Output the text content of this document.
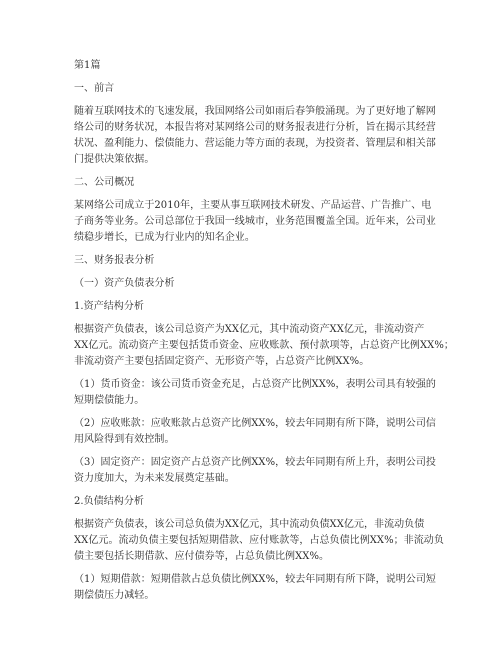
第1篇
一、前言
随着互联网技术的飞速发展，我国网络公司如雨后春笋般涌现。为了更好地了解网
络公司的财务状况，本报告将对某网络公司的财务报表进行分析，旨在揭示其经营
状况、盈利能力、偿债能力、营运能力等方面的表现，为投资者、管理层和相关部
门提供决策依据。
二、公司概况
某网络公司成立于2010年，主要从事互联网技术研发、产品运营、广告推广、电
子商务等业务。公司总部位于我国一线城市，业务范围覆盖全国。近年来，公司业
绩稳步增长，已成为行业内的知名企业。
三、财务报表分析
（一）资产负债表分析
1.资产结构分析
根据资产负债表，该公司总资产为XX亿元，其中流动资产XX亿元，非流动资产
XX亿元。流动资产主要包括货币资金、应收账款、预付款项等，占总资产比例XX%；
非流动资产主要包括固定资产、无形资产等，占总资产比例XX%。
（1）货币资金：该公司货币资金充足，占总资产比例XX%，表明公司具有较强的
短期偿债能力。
（2）应收账款：应收账款占总资产比例XX%，较去年同期有所下降，说明公司信
用风险得到有效控制。
（3）固定资产：固定资产占总资产比例XX%，较去年同期有所上升，表明公司投
资力度加大，为未来发展奠定基础。
2.负债结构分析
根据资产负债表，该公司总负债为XX亿元，其中流动负债XX亿元，非流动负债
XX亿元。流动负债主要包括短期借款、应付账款等，占总负债比例XX%；非流动负
债主要包括长期借款、应付债券等，占总负债比例XX%。
（1）短期借款：短期借款占总负债比例XX%，较去年同期有所下降，说明公司短
期偿债压力减轻。
